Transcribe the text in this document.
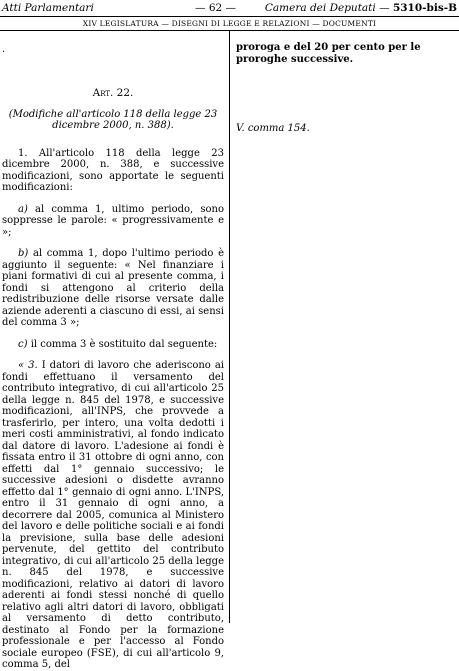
Atti Parlamentari	— 62 —	Camera dei Deputati — 5310-bis-B
XIV LEGISLATURA — DISEGNI DI LEGGE E RELAZIONI — DOCUMENTI
.
Art. 22.
(Modifiche all'articolo 118 della legge 23 dicembre 2000, n. 388).

1. All'articolo 118 della legge 23 dicembre 2000, n. 388, e successive modificazioni, sono apportate le seguenti modificazioni:

a) al comma 1, ultimo periodo, sono soppresse le parole: « progressivamente e »;

b) al comma 1, dopo l'ultimo periodo è aggiunto il seguente: « Nel finanziare i piani formativi di cui al presente comma, i fondi si attengono al criterio della redistribuzione delle risorse versate dalle aziende aderenti a ciascuno di essi, ai sensi del comma 3 »;

c) il comma 3 è sostituito dal seguente:

« 3. I datori di lavoro che aderiscono ai fondi effettuano il versamento del contributo integrativo, di cui all'articolo 25 della legge n. 845 del 1978, e successive modificazioni, all'INPS, che provvede a trasferirlo, per intero, una volta dedotti i meri costi amministrativi, al fondo indicato dal datore di lavoro. L'adesione ai fondi è fissata entro il 31 ottobre di ogni anno, con effetti dal 1° gennaio successivo; le successive adesioni o disdette avranno effetto dal 1° gennaio di ogni anno. L'INPS, entro il 31 gennaio di ogni anno, a decorrere dal 2005, comunica al Ministero del lavoro e delle politiche sociali e ai fondi la previsione, sulla base delle adesioni pervenute, del gettito del contributo integrativo, di cui all'articolo 25 della legge n. 845 del 1978, e successive modificazioni, relativo ai datori di lavoro aderenti ai fondi stessi nonché di quello relativo agli altri datori di lavoro, obbligati al versamento di detto contributo, destinato al Fondo per la formazione professionale e per l'accesso al Fondo sociale europeo (FSE), di cui all'articolo 9, comma 5, del

proroga e del 20 per cento per le proroghe successive.
V. comma 154.
